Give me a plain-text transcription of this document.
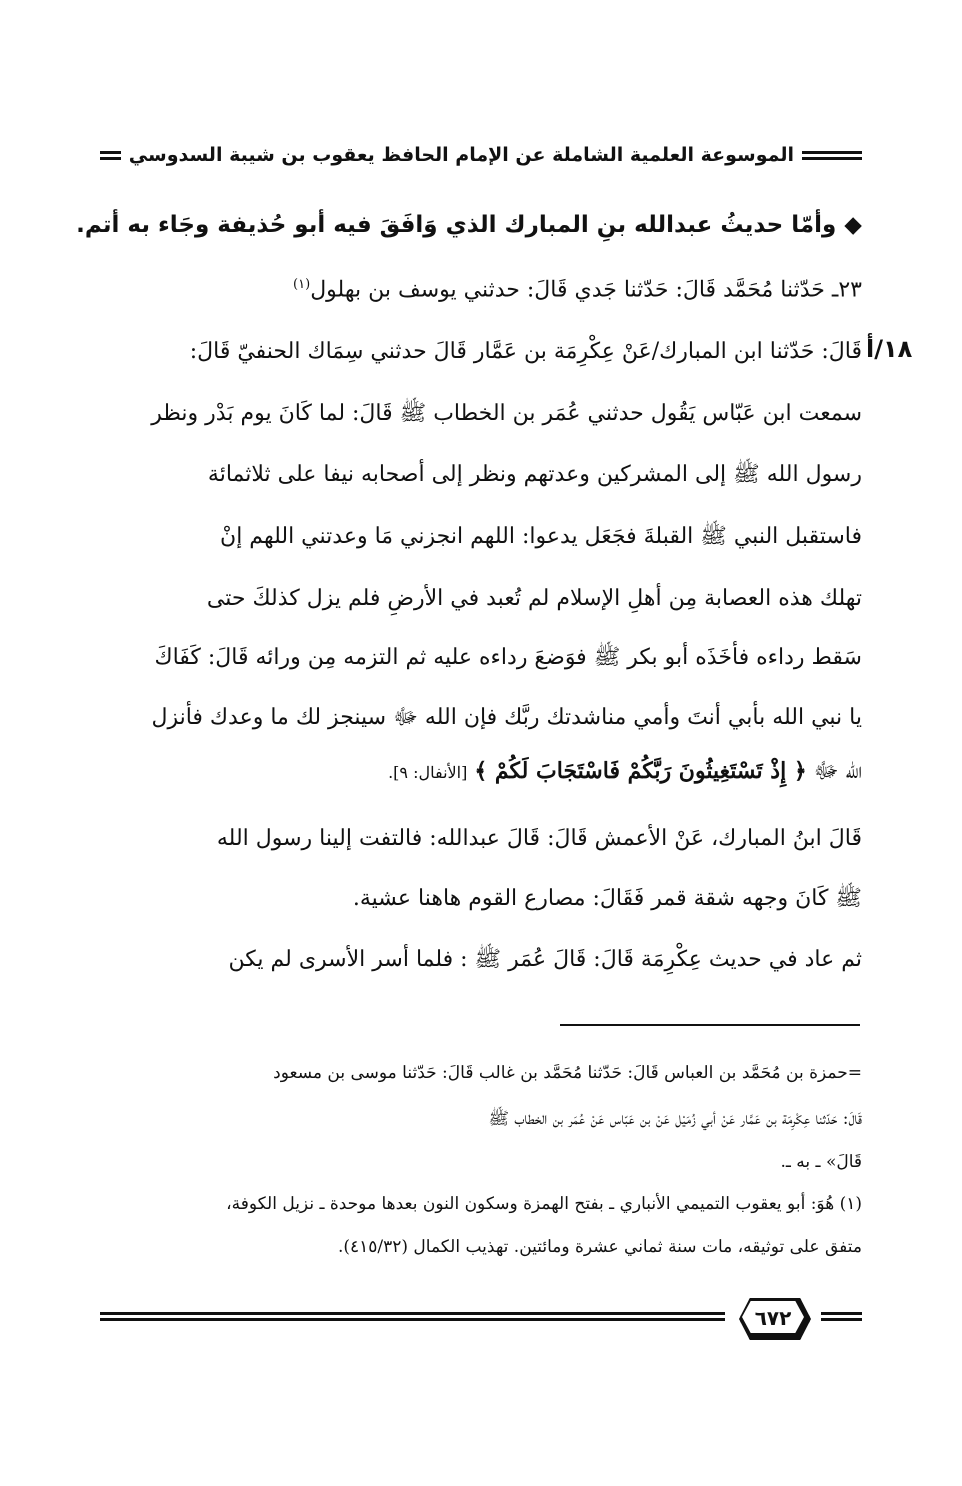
الموسوعة العلمية الشاملة عن الإمام الحافظ يعقوب بن شيبة السدوسي
١٨/أ
◆ وأمّا حديثُ عبدالله بنِ المبارك الذي وَافَقَ فيه أبو حُذيفة وجَاء به أتم.
٢٣ـ حَدّثنا مُحَمَّد قَالَ: حَدّثنا جَدي قَالَ: حدثني يوسف بن بهلول$^{(١)}$
قَالَ: حَدّثنا ابن المبارك/عَنْ عِكْرِمَة بن عَمَّار قَالَ حدثني سِمَاك الحنفيّ قَالَ:
سمعت ابن عَبّاس يَقُول حدثني عُمَر بن الخطاب ﷺ قَالَ: لما كَانَ يوم بَدْر ونظر
رسول الله ﷺ إلى المشركين وعدتهم ونظر إلى أصحابه نيفا على ثلاثمائة
فاستقبل النبي ﷺ القبلةَ فجَعَل يدعوا: اللهم انجزني مَا وعدتني اللهم إنْ
تهلك هذه العصابة مِن أهلِ الإسلام لم تُعبد في الأرضِ فلم يزل كذلكَ حتى
سَقط رداءه فأخَذَه أبو بكر ﷺ فوَضعَ رداءه عليه ثم التزمه مِن ورائه قَالَ: كَفَاكَ
يا نبي الله بأبي أنتَ وأمي مناشدتك ربَّك فإن الله ﷻ سينجز لك ما وعدك فأنزل
الله ﷻ ﴿ إِذْ تَسْتَغِيثُونَ رَبَّكُمْ فَاسْتَجَابَ لَكُمْ ﴾ [الأنفال: ٩].
قَالَ ابنُ المبارك، عَنْ الأعمش قَالَ: قَالَ عبدالله: فالتفت إلينا رسول الله
ﷺ كَانَ وجهه شقة قمر فَقَالَ: مصارع القوم هاهنا عشية.
ثم عاد في حديث عِكْرِمَة قَالَ: قَالَ عُمَر ﷺ : فلما أسر الأسرى لم يكن
=حمزة بن مُحَمَّد بن العباس قَالَ: حَدّثنا مُحَمَّد بن غالب قَالَ: حَدّثنا موسى بن مسعود
قَالَ: حَدّثنا عِكْرِمَة بن عَمَّار عَنْ أبي زُمَيْل عَنْ بن عَبّاس عَنْ عُمَر بن الخطاب ﷺ
قَالَ» ـ به ـ.
(١) هُوَ: أبو يعقوب التميمي الأنباري ـ بفتح الهمزة وسكون النون بعدها موحدة ـ نزيل الكوفة،
متفق على توثيقه، مات سنة ثماني عشرة ومائتين. تهذيب الكمال (٤١٥/٣٢).
٦٧٢
